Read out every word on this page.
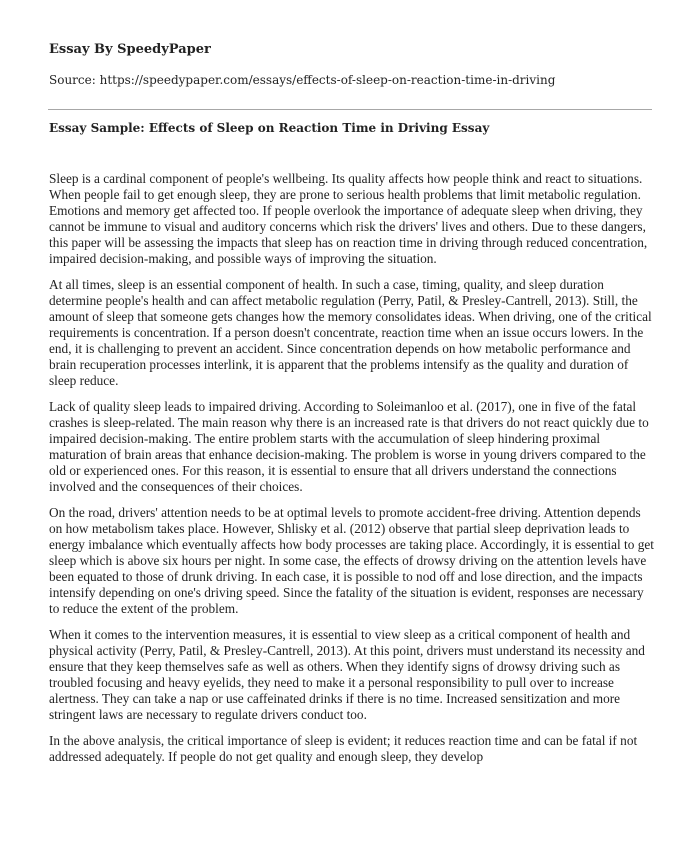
Essay By SpeedyPaper

Source: https://speedypaper.com/essays/effects-of-sleep-on-reaction-time-in-driving

Essay Sample: Effects of Sleep on Reaction Time in Driving Essay

Sleep is a cardinal component of people's wellbeing. Its quality affects how people think and react to situations. When people fail to get enough sleep, they are prone to serious health problems that limit metabolic regulation. Emotions and memory get affected too. If people overlook the importance of adequate sleep when driving, they cannot be immune to visual and auditory concerns which risk the drivers' lives and others. Due to these dangers, this paper will be assessing the impacts that sleep has on reaction time in driving through reduced concentration, impaired decision-making, and possible ways of improving the situation.

At all times, sleep is an essential component of health. In such a case, timing, quality, and sleep duration determine people's health and can affect metabolic regulation (Perry, Patil, & Presley-Cantrell, 2013). Still, the amount of sleep that someone gets changes how the memory consolidates ideas. When driving, one of the critical requirements is concentration. If a person doesn't concentrate, reaction time when an issue occurs lowers. In the end, it is challenging to prevent an accident. Since concentration depends on how metabolic performance and brain recuperation processes interlink, it is apparent that the problems intensify as the quality and duration of sleep reduce.

Lack of quality sleep leads to impaired driving. According to Soleimanloo et al. (2017), one in five of the fatal crashes is sleep-related. The main reason why there is an increased rate is that drivers do not react quickly due to impaired decision-making. The entire problem starts with the accumulation of sleep hindering proximal maturation of brain areas that enhance decision-making. The problem is worse in young drivers compared to the old or experienced ones. For this reason, it is essential to ensure that all drivers understand the connections involved and the consequences of their choices.

On the road, drivers' attention needs to be at optimal levels to promote accident-free driving. Attention depends on how metabolism takes place. However, Shlisky et al. (2012) observe that partial sleep deprivation leads to energy imbalance which eventually affects how body processes are taking place. Accordingly, it is essential to get sleep which is above six hours per night. In some case, the effects of drowsy driving on the attention levels have been equated to those of drunk driving. In each case, it is possible to nod off and lose direction, and the impacts intensify depending on one's driving speed. Since the fatality of the situation is evident, responses are necessary to reduce the extent of the problem.

When it comes to the intervention measures, it is essential to view sleep as a critical component of health and physical activity (Perry, Patil, & Presley-Cantrell, 2013). At this point, drivers must understand its necessity and ensure that they keep themselves safe as well as others. When they identify signs of drowsy driving such as troubled focusing and heavy eyelids, they need to make it a personal responsibility to pull over to increase alertness. They can take a nap or use caffeinated drinks if there is no time. Increased sensitization and more stringent laws are necessary to regulate drivers conduct too.

In the above analysis, the critical importance of sleep is evident; it reduces reaction time and can be fatal if not addressed adequately. If people do not get quality and enough sleep, they develop
